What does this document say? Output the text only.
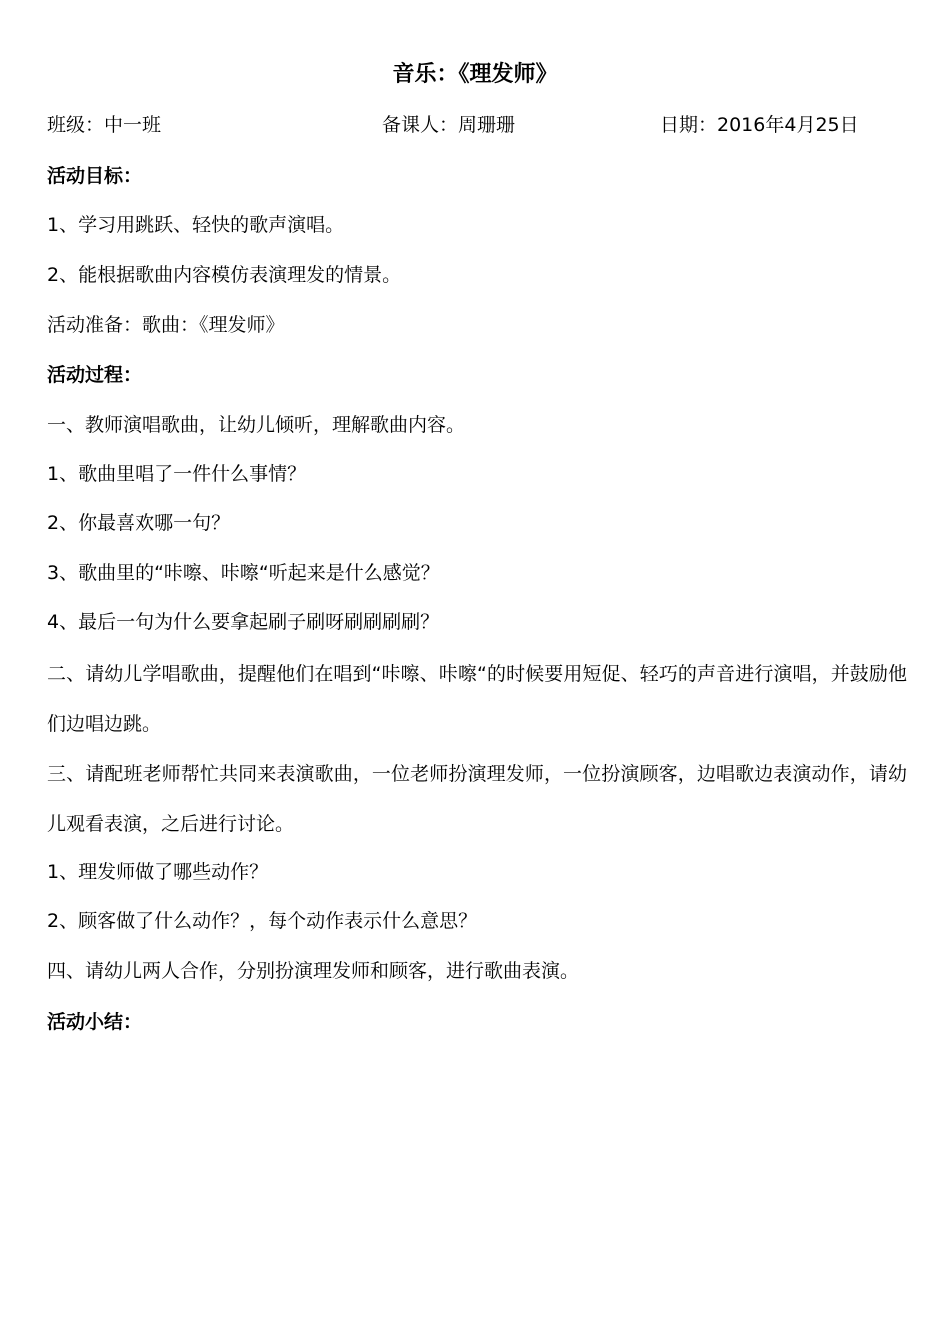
音乐：《理发师》
班级：中一班	备课人：周珊珊	日期：2016年4月25日
活动目标：
1、学习用跳跃、轻快的歌声演唱。
2、能根据歌曲内容模仿表演理发的情景。
活动准备：歌曲：《理发师》
活动过程：
一、教师演唱歌曲，让幼儿倾听，理解歌曲内容。
1、歌曲里唱了一件什么事情？
2、你最喜欢哪一句？
3、歌曲里的“咔嚓、咔嚓“听起来是什么感觉？
4、最后一句为什么要拿起刷子刷呀刷刷刷刷？
二、请幼儿学唱歌曲，提醒他们在唱到“咔嚓、咔嚓“的时候要用短促、轻巧的声音进行演唱，并鼓励他们边唱边跳。
三、请配班老师帮忙共同来表演歌曲，一位老师扮演理发师，一位扮演顾客，边唱歌边表演动作，请幼儿观看表演，之后进行讨论。
1、理发师做了哪些动作？
2、顾客做了什么动作？，每个动作表示什么意思？
四、请幼儿两人合作，分别扮演理发师和顾客，进行歌曲表演。
活动小结：
